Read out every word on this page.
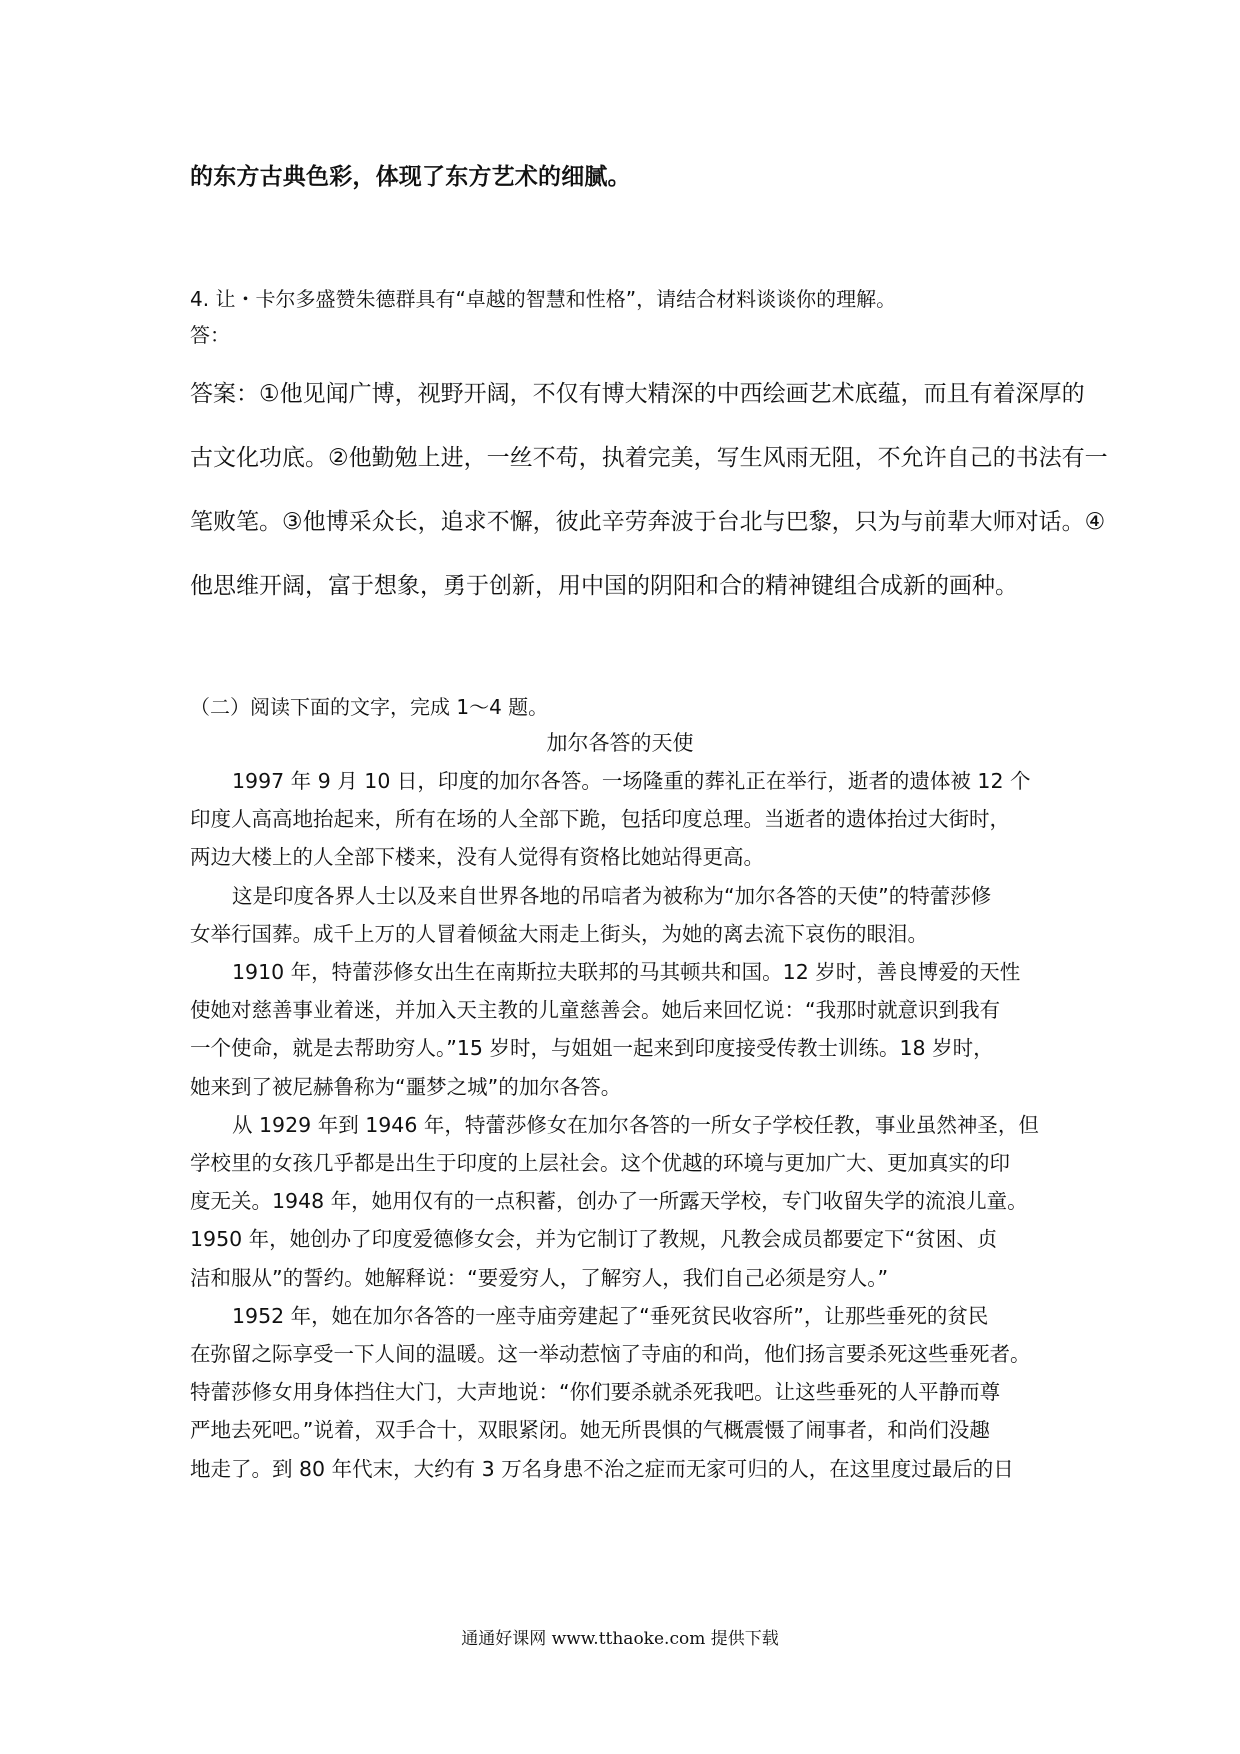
的东方古典色彩，体现了东方艺术的细腻。
4. 让・卡尔多盛赞朱德群具有“卓越的智慧和性格”，请结合材料谈谈你的理解。
答：
答案：①他见闻广博，视野开阔，不仅有博大精深的中西绘画艺术底蕴，而且有着深厚的
古文化功底。②他勤勉上进，一丝不苟，执着完美，写生风雨无阻，不允许自己的书法有一
笔败笔。③他博采众长，追求不懈，彼此辛劳奔波于台北与巴黎，只为与前辈大师对话。④
他思维开阔，富于想象，勇于创新，用中国的阴阳和合的精神键组合成新的画种。
（二）阅读下面的文字，完成 1～4 题。
加尔各答的天使
1997 年 9 月 10 日，印度的加尔各答。一场隆重的葬礼正在举行，逝者的遗体被 12 个
印度人高高地抬起来，所有在场的人全部下跪，包括印度总理。当逝者的遗体抬过大街时，
两边大楼上的人全部下楼来，没有人觉得有资格比她站得更高。
这是印度各界人士以及来自世界各地的吊唁者为被称为“加尔各答的天使”的特蕾莎修
女举行国葬。成千上万的人冒着倾盆大雨走上街头，为她的离去流下哀伤的眼泪。
1910 年，特蕾莎修女出生在南斯拉夫联邦的马其顿共和国。12 岁时，善良博爱的天性
使她对慈善事业着迷，并加入天主教的儿童慈善会。她后来回忆说：“我那时就意识到我有
一个使命，就是去帮助穷人。”15 岁时，与姐姐一起来到印度接受传教士训练。18 岁时，
她来到了被尼赫鲁称为“噩梦之城”的加尔各答。
从 1929 年到 1946 年，特蕾莎修女在加尔各答的一所女子学校任教，事业虽然神圣，但
学校里的女孩几乎都是出生于印度的上层社会。这个优越的环境与更加广大、更加真实的印
度无关。1948 年，她用仅有的一点积蓄，创办了一所露天学校，专门收留失学的流浪儿童。
1950 年，她创办了印度爱德修女会，并为它制订了教规，凡教会成员都要定下“贫困、贞
洁和服从”的誓约。她解释说：“要爱穷人，了解穷人，我们自己必须是穷人。”
1952 年，她在加尔各答的一座寺庙旁建起了“垂死贫民收容所”，让那些垂死的贫民
在弥留之际享受一下人间的温暖。这一举动惹恼了寺庙的和尚，他们扬言要杀死这些垂死者。
特蕾莎修女用身体挡住大门，大声地说：“你们要杀就杀死我吧。让这些垂死的人平静而尊
严地去死吧。”说着，双手合十，双眼紧闭。她无所畏惧的气概震慑了闹事者，和尚们没趣
地走了。到 80 年代末，大约有 3 万名身患不治之症而无家可归的人，在这里度过最后的日
通通好课网 www.tthaoke.com 提供下载
